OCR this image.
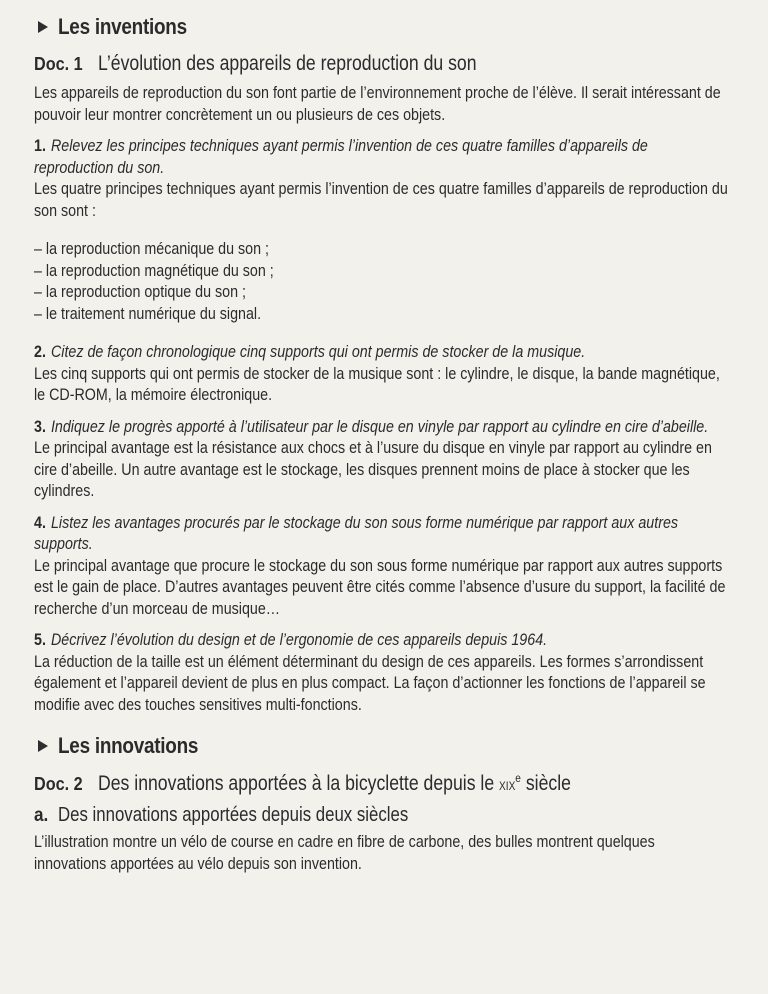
Les inventions
Doc. 1 L’évolution des appareils de reproduction du son

Les appareils de reproduction du son font partie de l’environnement proche de l’élève. Il serait intéressant de pouvoir leur montrer concrètement un ou plusieurs de ces objets.

1. Relevez les principes techniques ayant permis l’invention de ces quatre familles d’appareils de reproduction du son.

Les quatre principes techniques ayant permis l’invention de ces quatre familles d’appareils de reproduction du son sont :

– la reproduction mécanique du son ;
– la reproduction magnétique du son ;
– la reproduction optique du son ;
– le traitement numérique du signal.

2. Citez de façon chronologique cinq supports qui ont permis de stocker de la musique.

Les cinq supports qui ont permis de stocker de la musique sont : le cylindre, le disque, la bande magnétique, le CD-ROM, la mémoire électronique.

3. Indiquez le progrès apporté à l’utilisateur par le disque en vinyle par rapport au cylindre en cire d’abeille.

Le principal avantage est la résistance aux chocs et à l’usure du disque en vinyle par rapport au cylindre en cire d’abeille. Un autre avantage est le stockage, les disques prennent moins de place à stocker que les cylindres.

4. Listez les avantages procurés par le stockage du son sous forme numérique par rapport aux autres supports.

Le principal avantage que procure le stockage du son sous forme numérique par rapport aux autres supports est le gain de place. D’autres avantages peuvent être cités comme l’absence d’usure du support, la facilité de recherche d’un morceau de musique…

5. Décrivez l’évolution du design et de l’ergonomie de ces appareils depuis 1964.

La réduction de la taille est un élément déterminant du design de ces appareils. Les formes s’arrondissent également et l’appareil devient de plus en plus compact. La façon d’actionner les fonctions de l’appareil se modifie avec des touches sensitives multi-fonctions.

Les innovations
Doc. 2 Des innovations apportées à la bicyclette depuis le XIXe siècle
a. Des innovations apportées depuis deux siècles

L’illustration montre un vélo de course en cadre en fibre de carbone, des bulles montrent quelques innovations apportées au vélo depuis son invention.
